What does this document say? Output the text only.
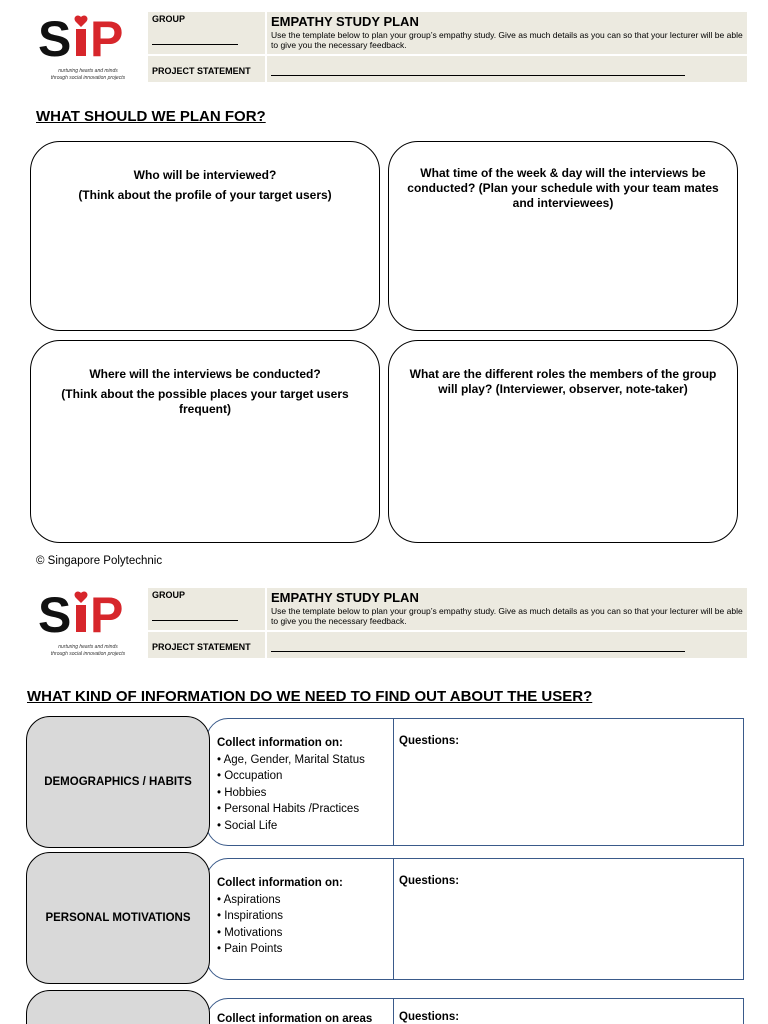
S P
nurturing hearts and minds
through social innovation projects
GROUP	EMPATHY STUDY PLAN
Use the template below to plan your group’s empathy study. Give as much details as you can so that your lecturer will be able to give you the necessary feedback.
PROJECT STATEMENT
WHAT SHOULD WE PLAN FOR?
Who will be interviewed?
(Think about the profile of your target users)
What time of the week & day will the interviews be conducted? (Plan your schedule with your team mates and interviewees)
Where will the interviews be conducted?
(Think about the possible places your target users frequent)
What are the different roles the members of the group will play? (Interviewer, observer, note-taker)
© Singapore Polytechnic
S P
nurturing hearts and minds
through social innovation projects
GROUP	EMPATHY STUDY PLAN
Use the template below to plan your group’s empathy study. Give as much details as you can so that your lecturer will be able to give you the necessary feedback.
PROJECT STATEMENT
WHAT KIND OF INFORMATION DO WE NEED TO FIND OUT ABOUT THE USER?
DEMOGRAPHICS / HABITS
Collect information on:
• Age, Gender, Marital Status
• Occupation
• Hobbies
• Personal Habits /Practices
• Social Life
Questions:
PERSONAL MOTIVATIONS
Collect information on:
• Aspirations
• Inspirations
• Motivations
• Pain Points
Questions:
Collect information on areas	Questions:
